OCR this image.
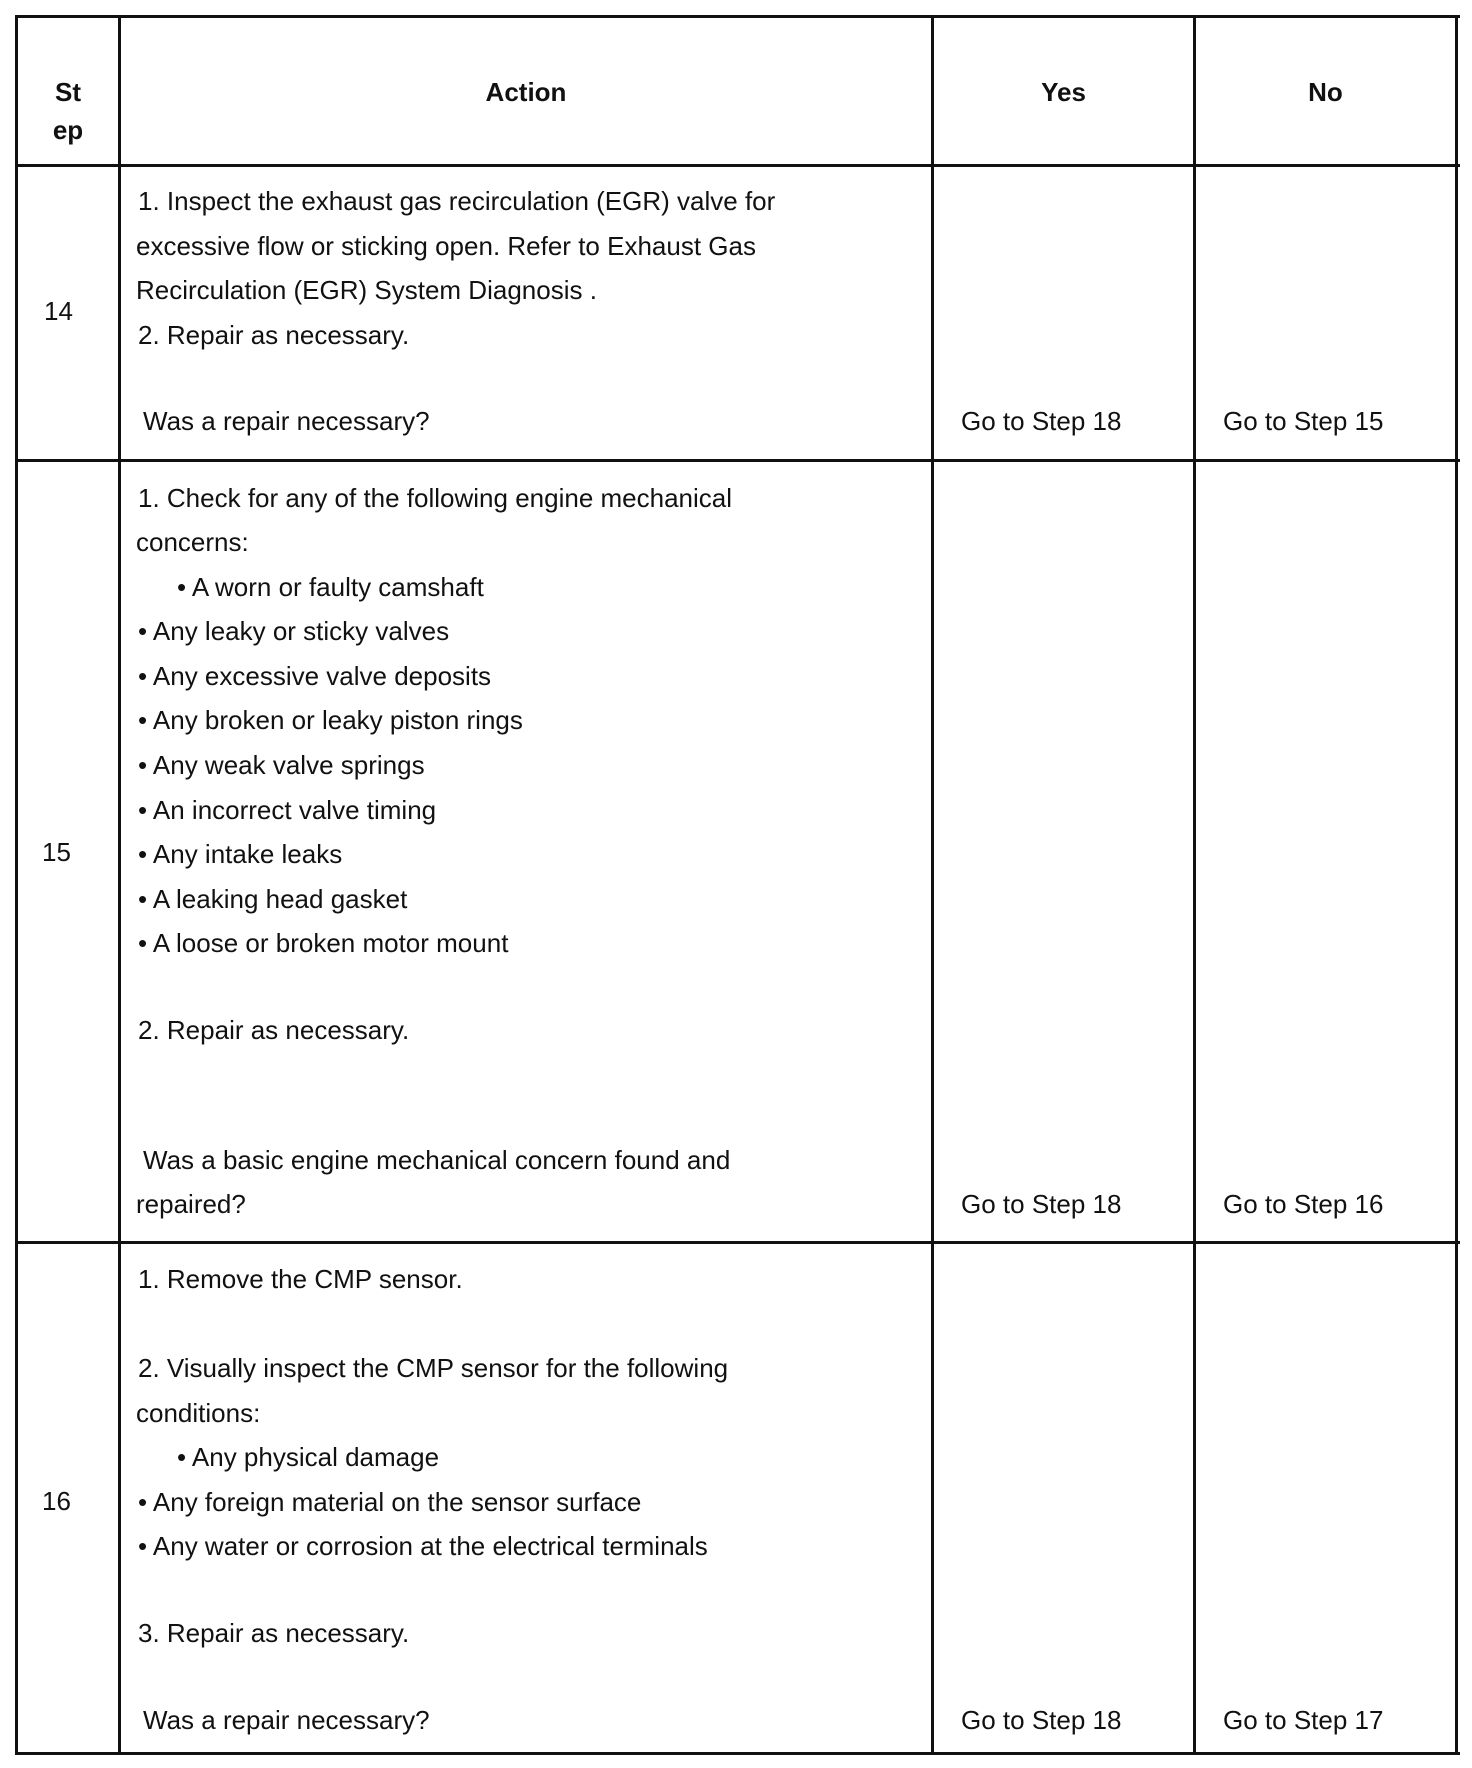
St
ep
Action	Yes	No
14
1. Inspect the exhaust gas recirculation (EGR) valve for
excessive flow or sticking open. Refer to Exhaust Gas
Recirculation (EGR) System Diagnosis .
2. Repair as necessary.
Was a repair necessary?	Go to Step 18	Go to Step 15
15
1. Check for any of the following engine mechanical
concerns:
• A worn or faulty camshaft
• Any leaky or sticky valves
• Any excessive valve deposits
• Any broken or leaky piston rings
• Any weak valve springs
• An incorrect valve timing
• Any intake leaks
• A leaking head gasket
• A loose or broken motor mount
2. Repair as necessary.
Was a basic engine mechanical concern found and
repaired?	Go to Step 18	Go to Step 16
16
1. Remove the CMP sensor.
2. Visually inspect the CMP sensor for the following
conditions:
• Any physical damage
• Any foreign material on the sensor surface
• Any water or corrosion at the electrical terminals
3. Repair as necessary.
Was a repair necessary?	Go to Step 18	Go to Step 17
